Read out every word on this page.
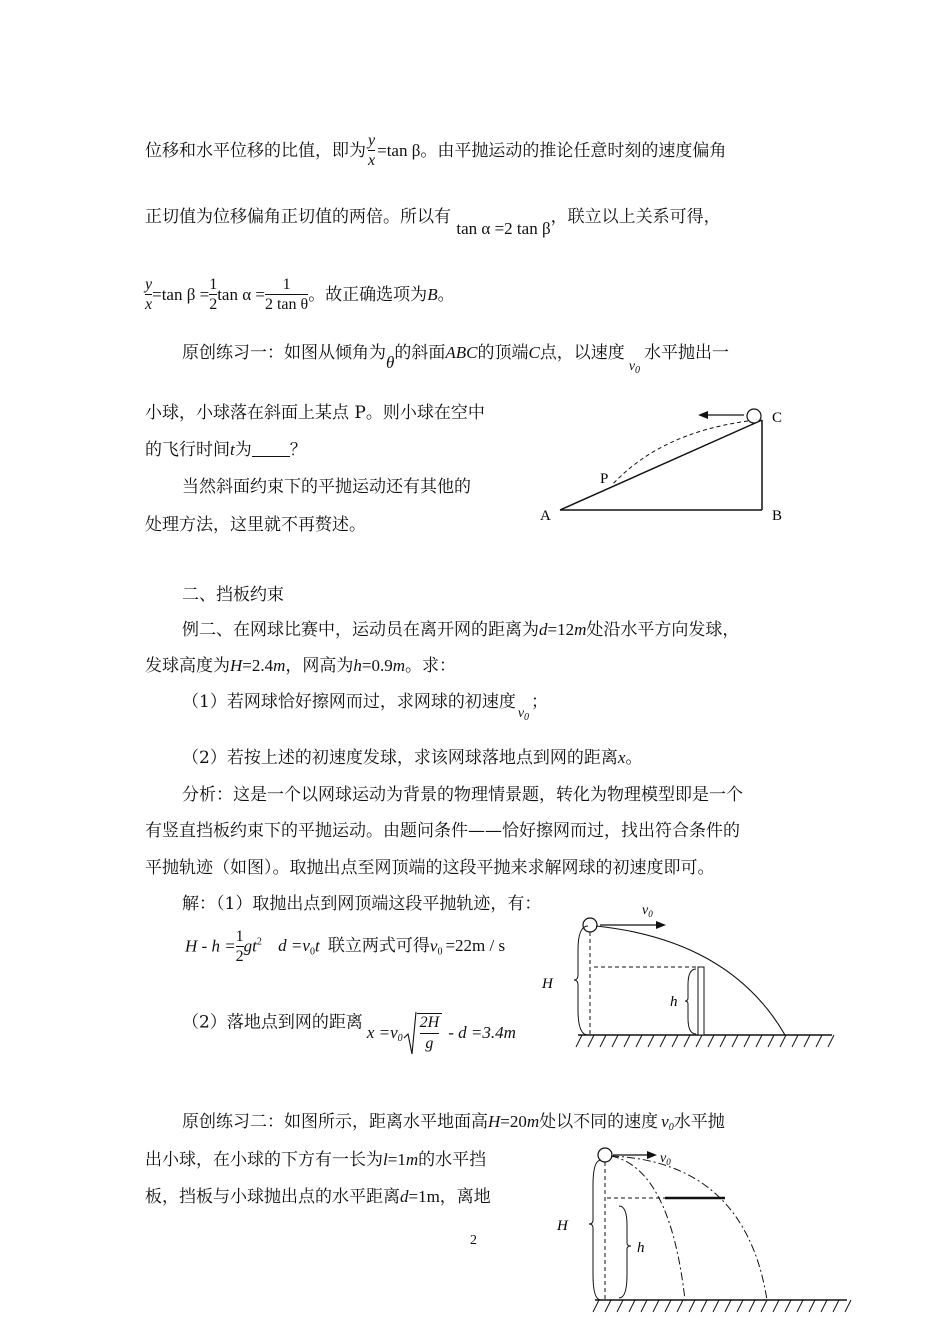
位移和水平位移的比值，即为 $\frac{y}{x} =\tan$ β。由平抛运动的推论任意时刻的速度偏角
正切值为位移偏角正切值的两倍。所以有 tan α =2 tan β，联立以上关系可得，
$\frac{y}{x} =\tan$ $\beta = \frac{1}{2}$ $\tan \alpha = \frac{1}{\text{2 tan θ}}$ 。故正确选项为B。
原创练习一：如图从倾角为θ的斜面ABC的顶端C点，以速度$_{v_0}$水平抛出一
小球，小球落在斜面上某点 P。则小球在空中
的飞行时间t为 ？
当然斜面约束下的平抛运动还有其他的
处理方法，这里就不再赘述。	A	B
C
P
二、挡板约束
例二、在网球比赛中，运动员在离开网的距离为d=12m处沿水平方向发球，
发球高度为H=2.4m，网高为h=0.9m。求：
（1）若网球恰好擦网而过，求网球的初速度$_{v_0}$；
（2）若按上述的初速度发球，求该网球落地点到网的距离x。
分析：这是一个以网球运动为背景的物理情景题，转化为物理模型即是一个
有竖直挡板约束下的平抛运动。由题问条件——恰好擦网而过，找出符合条件的
平抛轨迹（如图）。取抛出点至网顶端的这段平抛来求解网球的初速度即可。
解：（1）取抛出点到网顶端这段平抛轨迹，有：
$H - h = \frac{1}{2} gt^2$ $d =v_0t$ 联立两式可得$v_0 =22m / s$
（2）落地点到网的距离 $x =v_0 \frac{2H}{g} - d =3.4m$
$v_0$
H
h
原创练习二：如图所示，距离水平地面高H=20m处以不同的速度 $v_0$水平抛
出小球，在小球的下方有一长为l=1m的水平挡
板，挡板与小球抛出点的水平距离d=1m，离地
$v_0$
H
h
2
